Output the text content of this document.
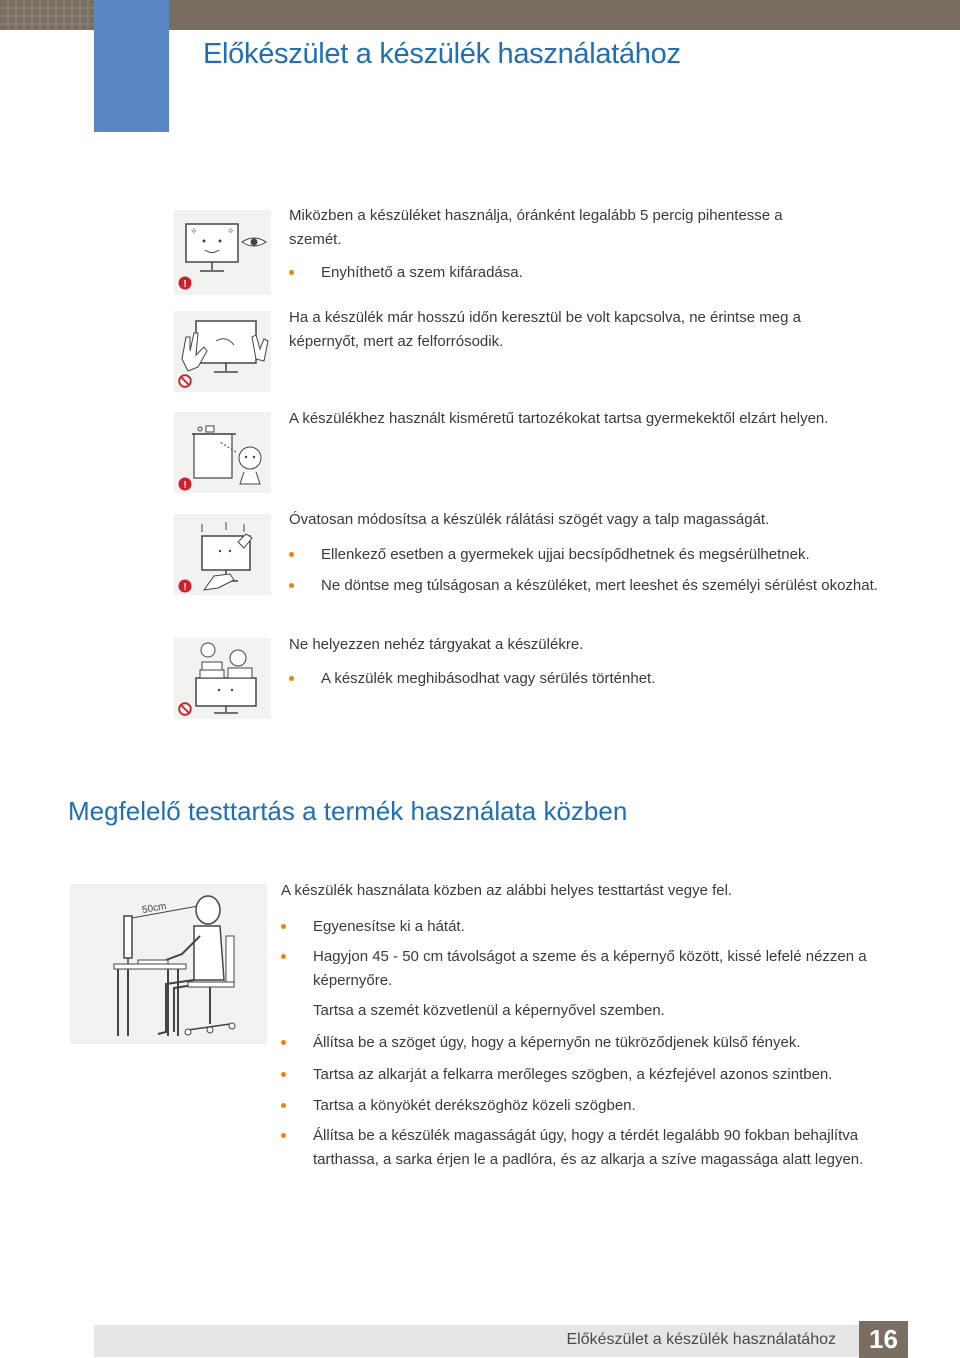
Előkészület a készülék használatához
✧	✧
!
!
!
Miközben a készüléket használja, óránként legalább 5 percig pihentesse a szemét.
Enyhíthető a szem kifáradása.
Ha a készülék már hosszú időn keresztül be volt kapcsolva, ne érintse meg a képernyőt, mert az felforrósodik.
A készülékhez használt kisméretű tartozékokat tartsa gyermekektől elzárt helyen.
Óvatosan módosítsa a készülék rálátási szögét vagy a talp magasságát.
Ellenkező esetben a gyermekek ujjai becsípődhetnek és megsérülhetnek.
Ne döntse meg túlságosan a készüléket, mert leeshet és személyi sérülést okozhat.
Ne helyezzen nehéz tárgyakat a készülékre.
A készülék meghibásodhat vagy sérülés történhet.
Megfelelő testtartás a termék használata közben
50cm
A készülék használata közben az alábbi helyes testtartást vegye fel.
Egyenesítse ki a hátát.
Hagyjon 45 - 50 cm távolságot a szeme és a képernyő között, kissé lefelé nézzen a képernyőre.
Tartsa a szemét közvetlenül a képernyővel szemben.
Állítsa be a szöget úgy, hogy a képernyőn ne tükröződjenek külső fények.
Tartsa az alkarját a felkarra merőleges szögben, a kézfejével azonos szintben.
Tartsa a könyökét derékszöghöz közeli szögben.
Állítsa be a készülék magasságát úgy, hogy a térdét legalább 90 fokban behajlítva tarthassa, a sarka érjen le a padlóra, és az alkarja a szíve magassága alatt legyen.
Előkészület a készülék használatához	16
